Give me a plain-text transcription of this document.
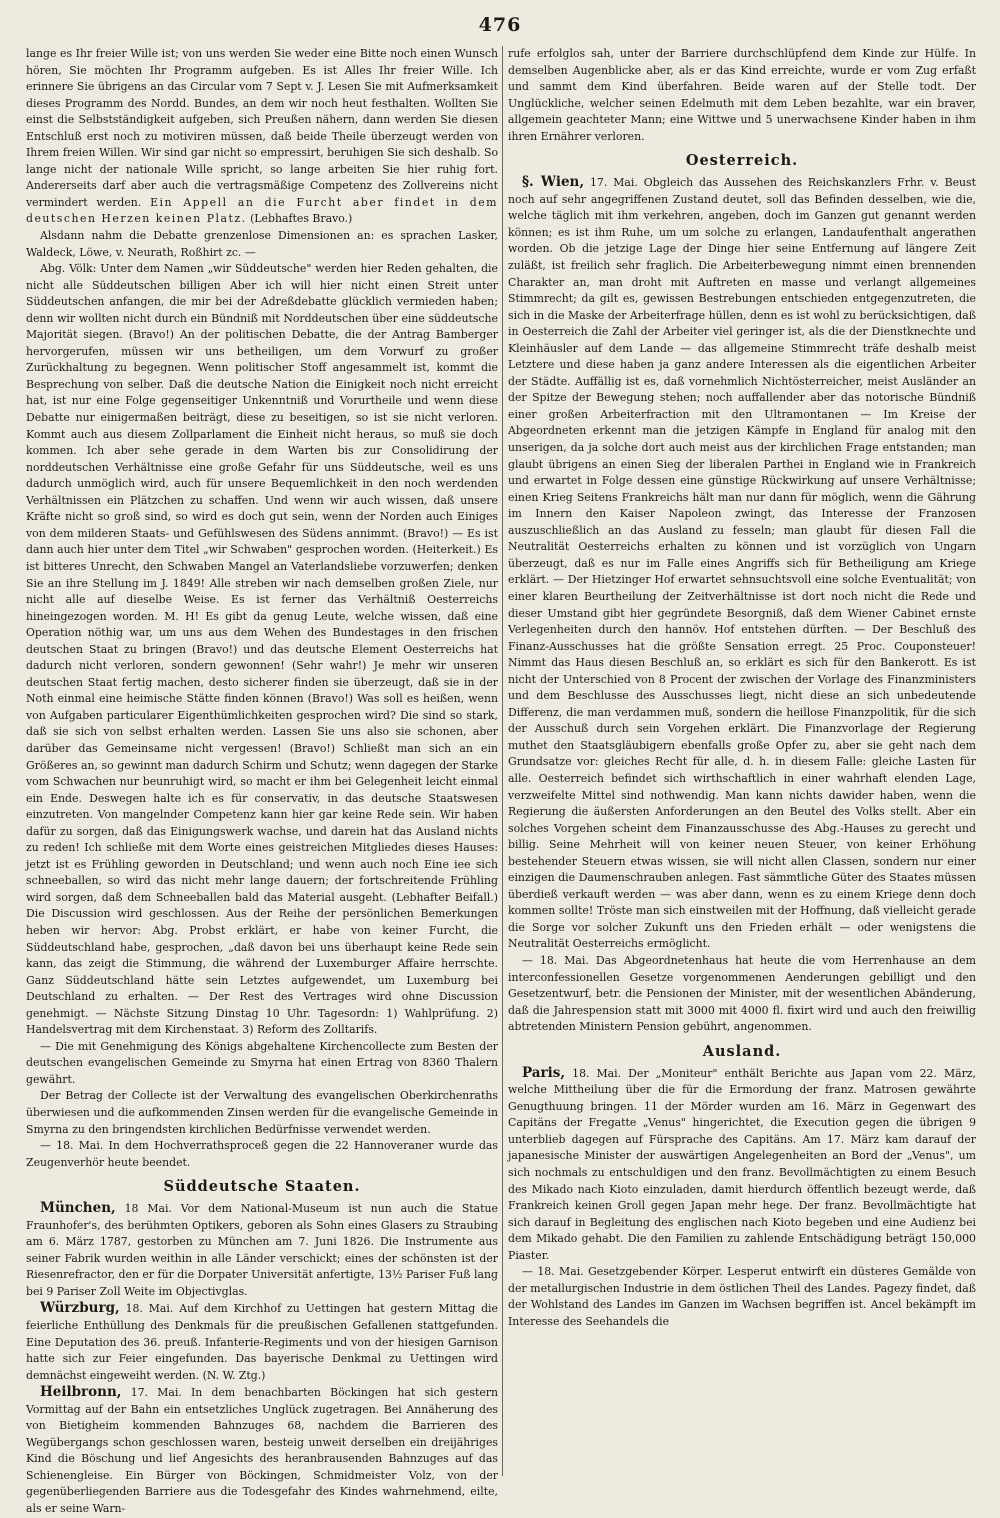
476

lange es Ihr freier Wille ist; von uns werden Sie weder eine Bitte noch einen Wunsch hören, Sie möchten Ihr Programm aufgeben. Es ist Alles Ihr freier Wille. Ich erinnere Sie übrigens an das Circular vom 7 Sept v. J. Lesen Sie mit Aufmerksamkeit dieses Programm des Nordd. Bundes, an dem wir noch heut festhalten. Wollten Sie einst die Selbstständigkeit aufgeben, sich Preußen nähern, dann werden Sie diesen Entschluß erst noch zu motiviren müssen, daß beide Theile überzeugt werden von Ihrem freien Willen. Wir sind gar nicht so empressirt, beruhigen Sie sich deshalb. So lange nicht der nationale Wille spricht, so lange arbeiten Sie hier ruhig fort. Andererseits darf aber auch die vertragsmäßige Competenz des Zollvereins nicht vermindert werden. Ein Appell an die Furcht aber findet in dem deutschen Herzen keinen Platz. (Lebhaftes Bravo.)

Alsdann nahm die Debatte grenzenlose Dimensionen an: es sprachen Lasker, Waldeck, Löwe, v. Neurath, Roßhirt zc. —

Abg. Völk: Unter dem Namen „wir Süddeutsche" werden hier Reden gehalten, die nicht alle Süddeutschen billigen Aber ich will hier nicht einen Streit unter Süddeutschen anfangen, die mir bei der Adreßdebatte glücklich vermieden haben; denn wir wollten nicht durch ein Bündniß mit Norddeutschen über eine süddeutsche Majorität siegen. (Bravo!) An der politischen Debatte, die der Antrag Bamberger hervorgerufen, müssen wir uns betheiligen, um dem Vorwurf zu großer Zurückhaltung zu begegnen. Wenn politischer Stoff angesammelt ist, kommt die Besprechung von selber. Daß die deutsche Nation die Einigkeit noch nicht erreicht hat, ist nur eine Folge gegenseitiger Unkenntniß und Vorurtheile und wenn diese Debatte nur einigermaßen beiträgt, diese zu beseitigen, so ist sie nicht verloren. Kommt auch aus diesem Zollparlament die Einheit nicht heraus, so muß sie doch kommen. Ich aber sehe gerade in dem Warten bis zur Consolidirung der norddeutschen Verhältnisse eine große Gefahr für uns Süddeutsche, weil es uns dadurch unmöglich wird, auch für unsere Bequemlichkeit in den noch werdenden Verhältnissen ein Plätzchen zu schaffen. Und wenn wir auch wissen, daß unsere Kräfte nicht so groß sind, so wird es doch gut sein, wenn der Norden auch Einiges von dem milderen Staats- und Gefühlswesen des Südens annimmt. (Bravo!) — Es ist dann auch hier unter dem Titel „wir Schwaben" gesprochen worden. (Heiterkeit.) Es ist bitteres Unrecht, den Schwaben Mangel an Vaterlandsliebe vorzuwerfen; denken Sie an ihre Stellung im J. 1849! Alle streben wir nach demselben großen Ziele, nur nicht alle auf dieselbe Weise. Es ist ferner das Verhältniß Oesterreichs hineingezogen worden. M. H! Es gibt da genug Leute, welche wissen, daß eine Operation nöthig war, um uns aus dem Wehen des Bundestages in den frischen deutschen Staat zu bringen (Bravo!) und das deutsche Element Oesterreichs hat dadurch nicht verloren, sondern gewonnen! (Sehr wahr!) Je mehr wir unseren deutschen Staat fertig machen, desto sicherer finden sie überzeugt, daß sie in der Noth einmal eine heimische Stätte finden können (Bravo!) Was soll es heißen, wenn von Aufgaben particularer Eigenthümlichkeiten gesprochen wird? Die sind so stark, daß sie sich von selbst erhalten werden. Lassen Sie uns also sie schonen, aber darüber das Gemeinsame nicht vergessen! (Bravo!) Schließt man sich an ein Größeres an, so gewinnt man dadurch Schirm und Schutz; wenn dagegen der Starke vom Schwachen nur beunruhigt wird, so macht er ihm bei Gelegenheit leicht einmal ein Ende. Deswegen halte ich es für conservativ, in das deutsche Staatswesen einzutreten. Von mangelnder Competenz kann hier gar keine Rede sein. Wir haben dafür zu sorgen, daß das Einigungswerk wachse, und darein hat das Ausland nichts zu reden! Ich schließe mit dem Worte eines geistreichen Mitgliedes dieses Hauses: jetzt ist es Frühling geworden in Deutschland; und wenn auch noch Eine iee sich schneeballen, so wird das nicht mehr lange dauern; der fortschreitende Frühling wird sorgen, daß dem Schneeballen bald das Material ausgeht. (Lebhafter Beifall.) Die Discussion wird geschlossen. Aus der Reihe der persönlichen Bemerkungen heben wir hervor: Abg. Probst erklärt, er habe von keiner Furcht, die Süddeutschland habe, gesprochen, „daß davon bei uns überhaupt keine Rede sein kann, das zeigt die Stimmung, die während der Luxemburger Affaire herrschte. Ganz Süddeutschland hätte sein Letztes aufgewendet, um Luxemburg bei Deutschland zu erhalten. — Der Rest des Vertrages wird ohne Discussion genehmigt. — Nächste Sitzung Dinstag 10 Uhr. Tagesordn: 1) Wahlprüfung. 2) Handelsvertrag mit dem Kirchenstaat. 3) Reform des Zolltarifs.

— Die mit Genehmigung des Königs abgehaltene Kirchencollecte zum Besten der deutschen evangelischen Gemeinde zu Smyrna hat einen Ertrag von 8360 Thalern gewährt.

Der Betrag der Collecte ist der Verwaltung des evangelischen Oberkirchenraths überwiesen und die aufkommenden Zinsen werden für die evangelische Gemeinde in Smyrna zu den bringendsten kirchlichen Bedürfnisse verwendet werden.

— 18. Mai. In dem Hochverrathsproceß gegen die 22 Hannoveraner wurde das Zeugenverhör heute beendet.

Süddeutsche Staaten.

München, 18 Mai. Vor dem National-Museum ist nun auch die Statue Fraunhofer's, des berühmten Optikers, geboren als Sohn eines Glasers zu Straubing am 6. März 1787, gestorben zu München am 7. Juni 1826. Die Instrumente aus seiner Fabrik wurden weithin in alle Länder verschickt; eines der schönsten ist der Riesenrefractor, den er für die Dorpater Universität anfertigte, 13½ Pariser Fuß lang bei 9 Pariser Zoll Weite im Objectivglas.

Würzburg, 18. Mai. Auf dem Kirchhof zu Uettingen hat gestern Mittag die feierliche Enthüllung des Denkmals für die preußischen Gefallenen stattgefunden. Eine Deputation des 36. preuß. Infanterie-Regiments und von der hiesigen Garnison hatte sich zur Feier eingefunden. Das bayerische Denkmal zu Uettingen wird demnächst eingeweiht werden. (N. W. Ztg.)

Heilbronn, 17. Mai. In dem benachbarten Böckingen hat sich gestern Vormittag auf der Bahn ein entsetzliches Unglück zugetragen. Bei Annäherung des von Bietigheim kommenden Bahnzuges 68, nachdem die Barrieren des Wegübergangs schon geschlossen waren, besteig unweit derselben ein dreijähriges Kind die Böschung und lief Angesichts des heranbrausenden Bahnzuges auf das Schienengleise. Ein Bürger von Böckingen, Schmidmeister Volz, von der gegenüberliegenden Barriere aus die Todesgefahr des Kindes wahrnehmend, eilte, als er seine Warn-

rufe erfolglos sah, unter der Barriere durchschlüpfend dem Kinde zur Hülfe. In demselben Augenblicke aber, als er das Kind erreichte, wurde er vom Zug erfaßt und sammt dem Kind überfahren. Beide waren auf der Stelle todt. Der Unglückliche, welcher seinen Edelmuth mit dem Leben bezahlte, war ein braver, allgemein geachteter Mann; eine Wittwe und 5 unerwachsene Kinder haben in ihm ihren Ernährer verloren.

Oesterreich.

§. Wien, 17. Mai. Obgleich das Aussehen des Reichskanzlers Frhr. v. Beust noch auf sehr angegriffenen Zustand deutet, soll das Befinden desselben, wie die, welche täglich mit ihm verkehren, angeben, doch im Ganzen gut genannt werden können; es ist ihm Ruhe, um um solche zu erlangen, Landaufenthalt angerathen worden. Ob die jetzige Lage der Dinge hier seine Entfernung auf längere Zeit zuläßt, ist freilich sehr fraglich. Die Arbeiterbewegung nimmt einen brennenden Charakter an, man droht mit Auftreten en masse und verlangt allgemeines Stimmrecht; da gilt es, gewissen Bestrebungen entschieden entgegenzutreten, die sich in die Maske der Arbeiterfrage hüllen, denn es ist wohl zu berücksichtigen, daß in Oesterreich die Zahl der Arbeiter viel geringer ist, als die der Dienstknechte und Kleinhäusler auf dem Lande — das allgemeine Stimmrecht träfe deshalb meist Letztere und diese haben ja ganz andere Interessen als die eigentlichen Arbeiter der Städte. Auffällig ist es, daß vornehmlich Nichtösterreicher, meist Ausländer an der Spitze der Bewegung stehen; noch auffallender aber das notorische Bündniß einer großen Arbeiterfraction mit den Ultramontanen — Im Kreise der Abgeordneten erkennt man die jetzigen Kämpfe in England für analog mit den unserigen, da ja solche dort auch meist aus der kirchlichen Frage entstanden; man glaubt übrigens an einen Sieg der liberalen Parthei in England wie in Frankreich und erwartet in Folge dessen eine günstige Rückwirkung auf unsere Verhältnisse; einen Krieg Seitens Frankreichs hält man nur dann für möglich, wenn die Gährung im Innern den Kaiser Napoleon zwingt, das Interesse der Franzosen auszuschließlich an das Ausland zu fesseln; man glaubt für diesen Fall die Neutralität Oesterreichs erhalten zu können und ist vorzüglich von Ungarn überzeugt, daß es nur im Falle eines Angriffs sich für Betheiligung am Kriege erklärt. — Der Hietzinger Hof erwartet sehnsuchtsvoll eine solche Eventualität; von einer klaren Beurtheilung der Zeitverhältnisse ist dort noch nicht die Rede und dieser Umstand gibt hier gegründete Besorgniß, daß dem Wiener Cabinet ernste Verlegenheiten durch den hannöv. Hof entstehen dürften. — Der Beschluß des Finanz-Ausschusses hat die größte Sensation erregt. 25 Proc. Couponsteuer! Nimmt das Haus diesen Beschluß an, so erklärt es sich für den Bankerott. Es ist nicht der Unterschied von 8 Procent der zwischen der Vorlage des Finanzministers und dem Beschlusse des Ausschusses liegt, nicht diese an sich unbedeutende Differenz, die man verdammen muß, sondern die heillose Finanzpolitik, für die sich der Ausschuß durch sein Vorgehen erklärt. Die Finanzvorlage der Regierung muthet den Staatsgläubigern ebenfalls große Opfer zu, aber sie geht nach dem Grundsatze vor: gleiches Recht für alle, d. h. in diesem Falle: gleiche Lasten für alle. Oesterreich befindet sich wirthschaftlich in einer wahrhaft elenden Lage, verzweifelte Mittel sind nothwendig. Man kann nichts dawider haben, wenn die Regierung die äußersten Anforderungen an den Beutel des Volks stellt. Aber ein solches Vorgehen scheint dem Finanzausschusse des Abg.-Hauses zu gerecht und billig. Seine Mehrheit will von keiner neuen Steuer, von keiner Erhöhung bestehender Steuern etwas wissen, sie will nicht allen Classen, sondern nur einer einzigen die Daumenschrauben anlegen. Fast sämmtliche Güter des Staates müssen überdieß verkauft werden — was aber dann, wenn es zu einem Kriege denn doch kommen sollte! Tröste man sich einstweilen mit der Hoffnung, daß vielleicht gerade die Sorge vor solcher Zukunft uns den Frieden erhält — oder wenigstens die Neutralität Oesterreichs ermöglicht.

— 18. Mai. Das Abgeordnetenhaus hat heute die vom Herrenhause an dem interconfessionellen Gesetze vorgenommenen Aenderungen gebilligt und den Gesetzentwurf, betr. die Pensionen der Minister, mit der wesentlichen Abänderung, daß die Jahrespension statt mit 3000 mit 4000 fl. fixirt wird und auch den freiwillig abtretenden Ministern Pension gebührt, angenommen.

Ausland.

Paris, 18. Mai. Der „Moniteur" enthält Berichte aus Japan vom 22. März, welche Mittheilung über die für die Ermordung der franz. Matrosen gewährte Genugthuung bringen. 11 der Mörder wurden am 16. März in Gegenwart des Capitäns der Fregatte „Venus" hingerichtet, die Execution gegen die übrigen 9 unterblieb dagegen auf Fürsprache des Capitäns. Am 17. März kam darauf der japanesische Minister der auswärtigen Angelegenheiten an Bord der „Venus", um sich nochmals zu entschuldigen und den franz. Bevollmächtigten zu einem Besuch des Mikado nach Kioto einzuladen, damit hierdurch öffentlich bezeugt werde, daß Frankreich keinen Groll gegen Japan mehr hege. Der franz. Bevollmächtigte hat sich darauf in Begleitung des englischen nach Kioto begeben und eine Audienz bei dem Mikado gehabt. Die den Familien zu zahlende Entschädigung beträgt 150,000 Piaster.

— 18. Mai. Gesetzgebender Körper. Lesperut entwirft ein düsteres Gemälde von der metallurgischen Industrie in dem östlichen Theil des Landes. Pagezy findet, daß der Wohlstand des Landes im Ganzen im Wachsen begriffen ist. Ancel bekämpft im Interesse des Seehandels die
